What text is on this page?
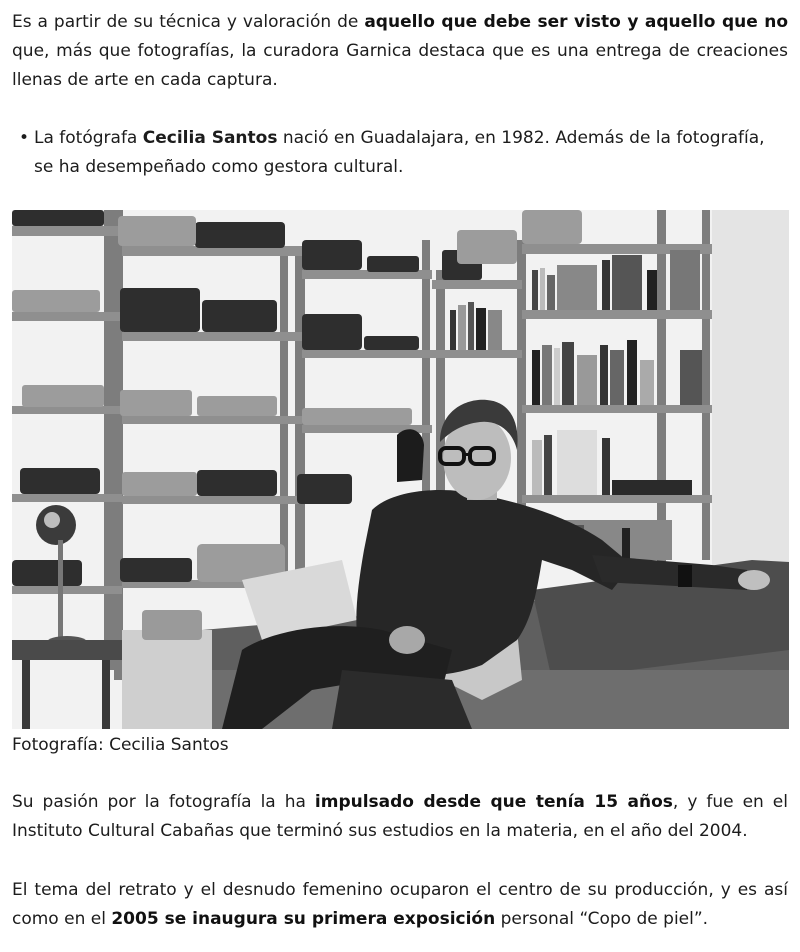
Es a partir de su técnica y valoración de aquello que debe ser visto y aquello que no que, más que fotografías, la curadora Garnica destaca que es una entrega de creaciones llenas de arte en cada captura.

• La fotógrafa Cecilia Santos nació en Guadalajara, en 1982. Además de la fotografía, se ha desempeñado como gestora cultural.
Fotografía: Cecilia Santos

Su pasión por la fotografía la ha impulsado desde que tenía 15 años, y fue en el Instituto Cultural Cabañas que terminó sus estudios en la materia, en el año del 2004.

El tema del retrato y el desnudo femenino ocuparon el centro de su producción, y es así como en el 2005 se inaugura su primera exposición personal “Copo de piel”.
